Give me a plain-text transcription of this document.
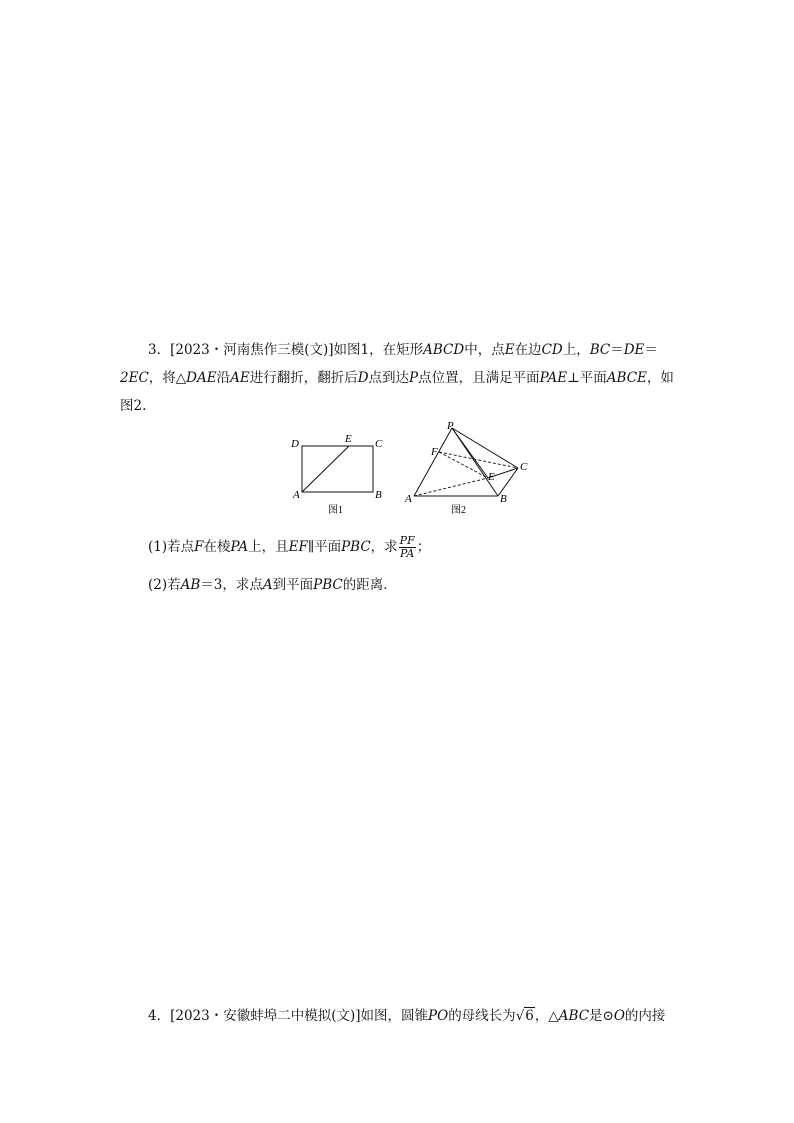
3．[2023・河南焦作三模(文)]如图1，在矩形ABCD中，点E在边CD上，BC＝DE＝
2EC，将△DAE沿AE进行翻折，翻折后D点到达P点位置，且满足平面PAE⊥平面ABCE，如
图2.
D	E C
A	B
图1
P
F
C
E
A	B
图2
(1)若点F在棱PA上，且EF∥平面PBC，求 $\frac{PF}{PA}$ ；
(2)若AB＝3，求点A到平面PBC的距离．
4．[2023・安徽蚌埠二中模拟(文)]如图，圆锥PO的母线长为√6，△ABC是⊙O的内接
